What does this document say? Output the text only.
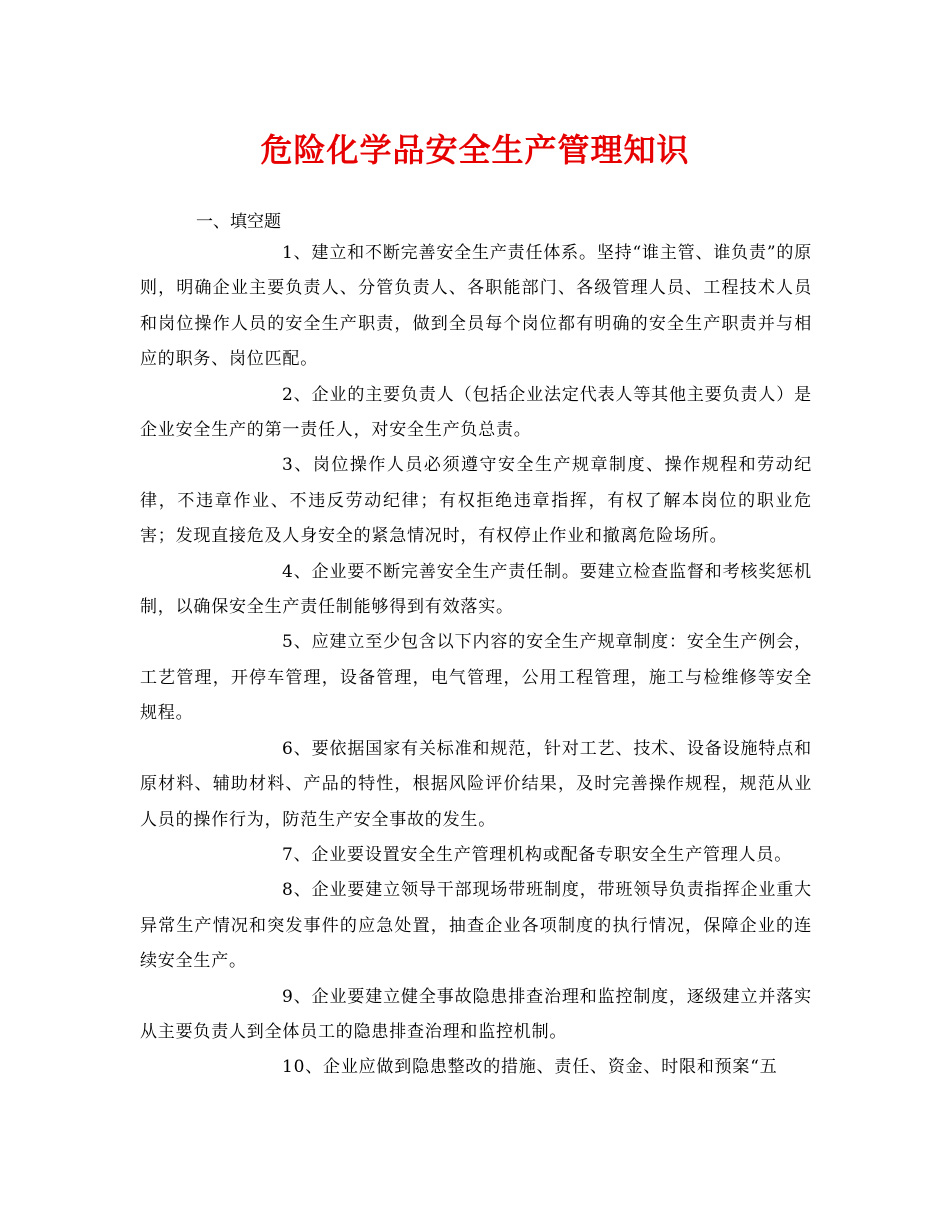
危险化学品安全生产管理知识
一、填空题

1、建立和不断完善安全生产责任体系。坚持“谁主管、谁负责”的原则，明确企业主要负责人、分管负责人、各职能部门、各级管理人员、工程技术人员和岗位操作人员的安全生产职责，做到全员每个岗位都有明确的安全生产职责并与相应的职务、岗位匹配。

2、企业的主要负责人（包括企业法定代表人等其他主要负责人）是企业安全生产的第一责任人，对安全生产负总责。

3、岗位操作人员必须遵守安全生产规章制度、操作规程和劳动纪律，不违章作业、不违反劳动纪律；有权拒绝违章指挥，有权了解本岗位的职业危害；发现直接危及人身安全的紧急情况时，有权停止作业和撤离危险场所。

4、企业要不断完善安全生产责任制。要建立检查监督和考核奖惩机制，以确保安全生产责任制能够得到有效落实。

5、应建立至少包含以下内容的安全生产规章制度：安全生产例会，工艺管理，开停车管理，设备管理，电气管理，公用工程管理，施工与检维修等安全规程。

6、要依据国家有关标准和规范，针对工艺、技术、设备设施特点和原材料、辅助材料、产品的特性，根据风险评价结果，及时完善操作规程，规范从业人员的操作行为，防范生产安全事故的发生。

7、企业要设置安全生产管理机构或配备专职安全生产管理人员。

8、企业要建立领导干部现场带班制度，带班领导负责指挥企业重大异常生产情况和突发事件的应急处置，抽查企业各项制度的执行情况，保障企业的连续安全生产。

9、企业要建立健全事故隐患排查治理和监控制度，逐级建立并落实从主要负责人到全体员工的隐患排查治理和监控机制。

10、企业应做到隐患整改的措施、责任、资金、时限和预案“五
